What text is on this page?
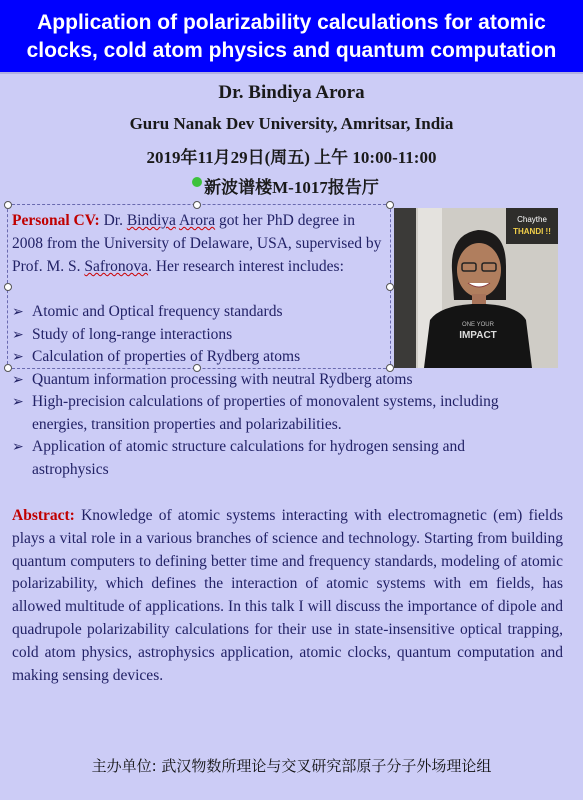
Application of polarizability calculations for atomic
clocks, cold atom physics and quantum computation
Dr. Bindiya Arora
Guru Nanak Dev University, Amritsar, India
2019年11月29日(周五) 上午 10:00-11:00
新波谱楼M-1017报告厅
Chaythe
THANDI !!
ONE YOUR
IMPACT
Personal CV: Dr. Bindiya Arora got her PhD degree in 2008 from the University of Delaware, USA, supervised by Prof. M. S. Safronova. Her research interest includes:
➢ Atomic and Optical frequency standards
➢ Study of long-range interactions
➢ Calculation of properties of Rydberg atoms
➢ Quantum information processing with neutral Rydberg atoms
➢ High-precision calculations of properties of monovalent systems, including energies, transition properties and polarizabilities.
➢ Application of atomic structure calculations for hydrogen sensing and astrophysics
Abstract: Knowledge of atomic systems interacting with electromagnetic (em) fields plays a vital role in a various branches of science and technology. Starting from building quantum computers to defining better time and frequency standards, modeling of atomic polarizability, which defines the interaction of atomic systems with em fields, has allowed multitude of applications. In this talk I will discuss the importance of dipole and quadrupole polarizability calculations for their use in state-insensitive optical trapping, cold atom physics, astrophysics application, atomic clocks, quantum computation and making sensing devices.
主办单位: 武汉物数所理论与交叉研究部原子分子外场理论组
